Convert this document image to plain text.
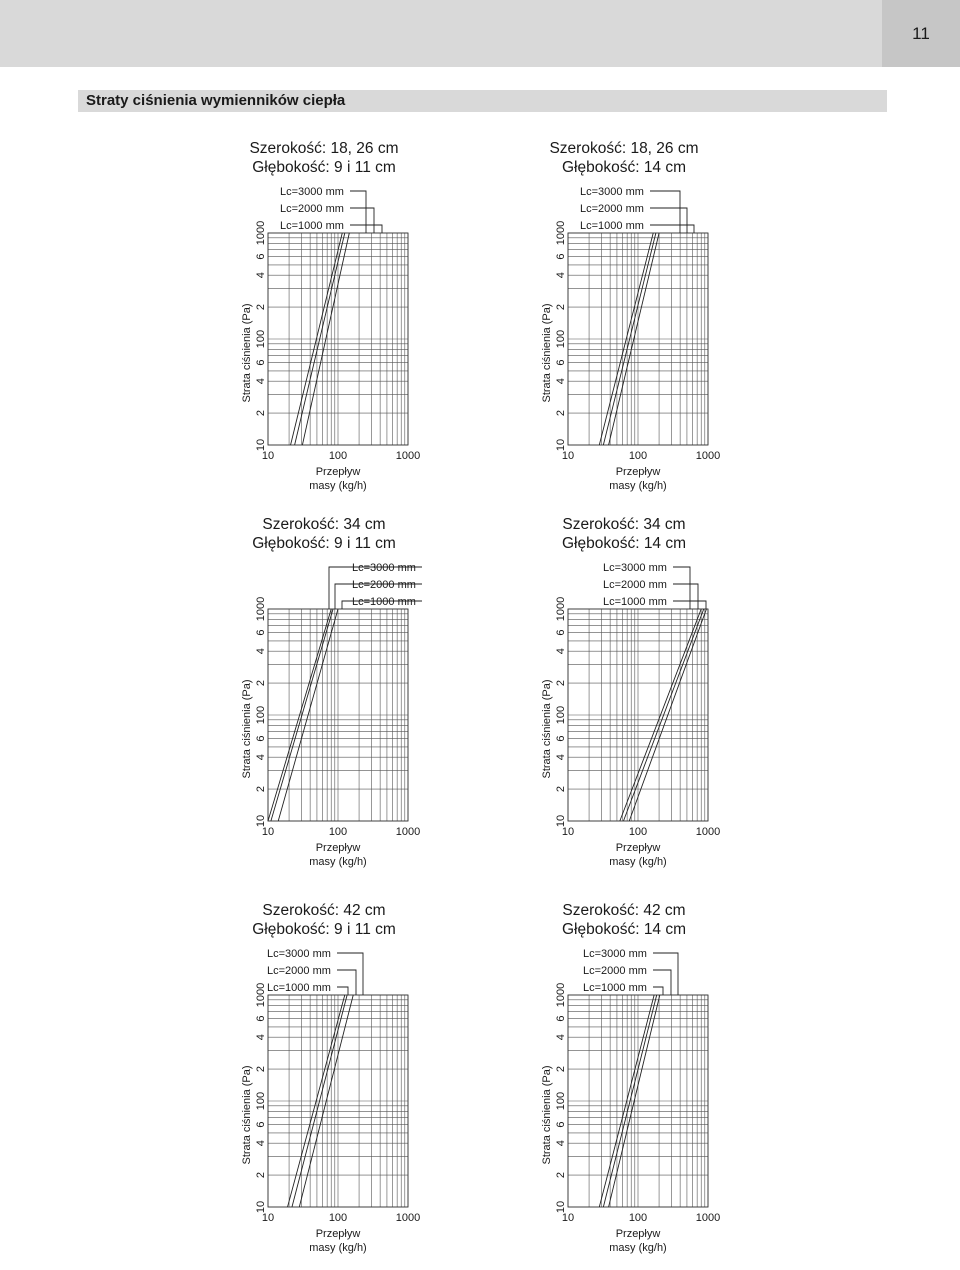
11
Straty ciśnienia wymienników ciepła
Szerokość: 18, 26 cm
Głębokość: 9 i 11 cm
10
2
4
6
100
2
4
6
1000
Strata ciśnienia (Pa)
10	100	1000
Przepływ
masy (kg/h)
Lc=3000 mm
Lc=2000 mm
Lc=1000 mm
Szerokość: 18, 26 cm
Głębokość: 14 cm
10
2
4
6
100
2
4
6
1000
Strata ciśnienia (Pa)
10	100	1000
Przepływ
masy (kg/h)
Lc=3000 mm
Lc=2000 mm
Lc=1000 mm
Szerokość: 34 cm
Głębokość: 9 i 11 cm
10
2
4
6
100
2
4
6
1000
Strata ciśnienia (Pa)
10	100	1000
Przepływ
masy (kg/h)
Lc=3000 mm
Lc=2000 mm
Lc=1000 mm
Szerokość: 34 cm
Głębokość: 14 cm
10
2
4
6
100
2
4
6
1000
Strata ciśnienia (Pa)
10	100	1000
Przepływ
masy (kg/h)
Lc=3000 mm
Lc=2000 mm
Lc=1000 mm
Szerokość: 42 cm
Głębokość: 9 i 11 cm
10
2
4
6
100
2
4
6
1000
Strata ciśnienia (Pa)
10	100	1000
Przepływ
masy (kg/h)
Lc=3000 mm
Lc=2000 mm
Lc=1000 mm
Szerokość: 42 cm
Głębokość: 14 cm
10
2
4
6
100
2
4
6
1000
Strata ciśnienia (Pa)
10	100	1000
Przepływ
masy (kg/h)
Lc=3000 mm
Lc=2000 mm
Lc=1000 mm
